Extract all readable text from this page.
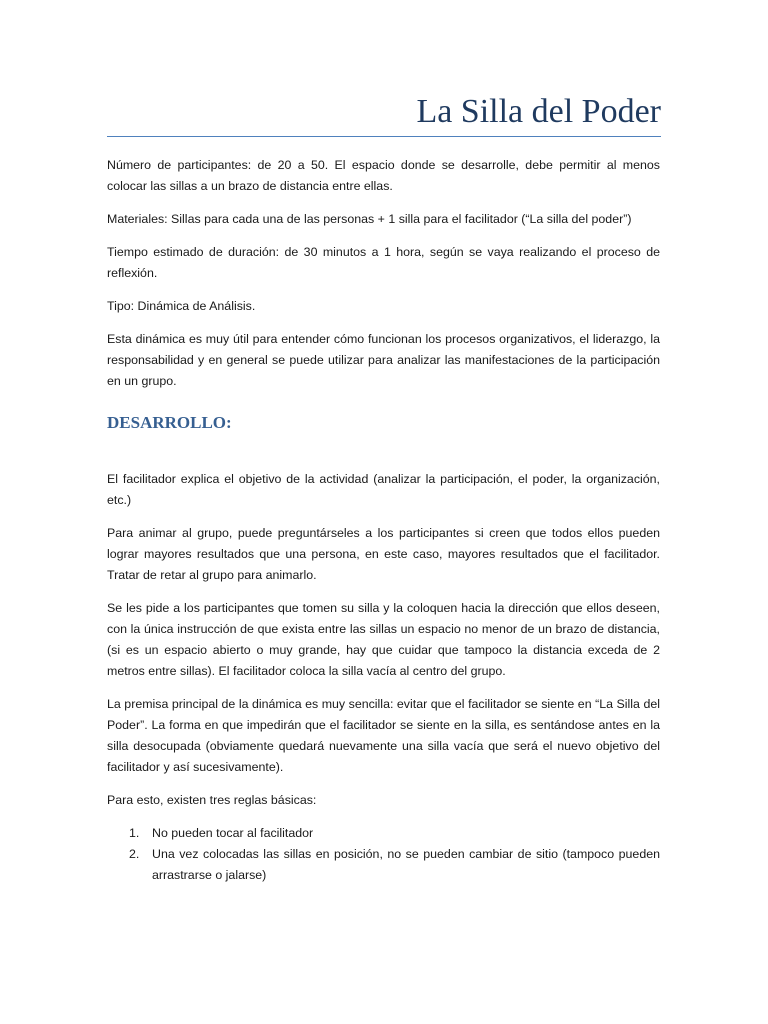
La Silla del Poder

Número de participantes: de 20 a 50. El espacio donde se desarrolle, debe permitir al menos colocar las sillas a un brazo de distancia entre ellas.

Materiales: Sillas para cada una de las personas + 1 silla para el facilitador (“La silla del poder”)

Tiempo estimado de duración: de 30 minutos a 1 hora, según se vaya realizando el proceso de reflexión.

Tipo: Dinámica de Análisis.

Esta dinámica es muy útil para entender cómo funcionan los procesos organizativos, el liderazgo, la responsabilidad y en general se puede utilizar para analizar las manifestaciones de la participación en un grupo.

DESARROLLO:

El facilitador explica el objetivo de la actividad (analizar la participación, el poder, la organización, etc.)

Para animar al grupo, puede preguntárseles a los participantes si creen que todos ellos pueden lograr mayores resultados que una persona, en este caso, mayores resultados que el facilitador. Tratar de retar al grupo para animarlo.

Se les pide a los participantes que tomen su silla y la coloquen hacia la dirección que ellos deseen, con la única instrucción de que exista entre las sillas un espacio no menor de un brazo de distancia, (si es un espacio abierto o muy grande, hay que cuidar que tampoco la distancia exceda de 2 metros entre sillas). El facilitador coloca la silla vacía al centro del grupo.

La premisa principal de la dinámica es muy sencilla: evitar que el facilitador se siente en “La Silla del Poder”. La forma en que impedirán que el facilitador se siente en la silla, es sentándose antes en la silla desocupada (obviamente quedará nuevamente una silla vacía que será el nuevo objetivo del facilitador y así sucesivamente).

Para esto, existen tres reglas básicas:

1. No pueden tocar al facilitador
2. Una vez colocadas las sillas en posición, no se pueden cambiar de sitio (tampoco pueden arrastrarse o jalarse)
